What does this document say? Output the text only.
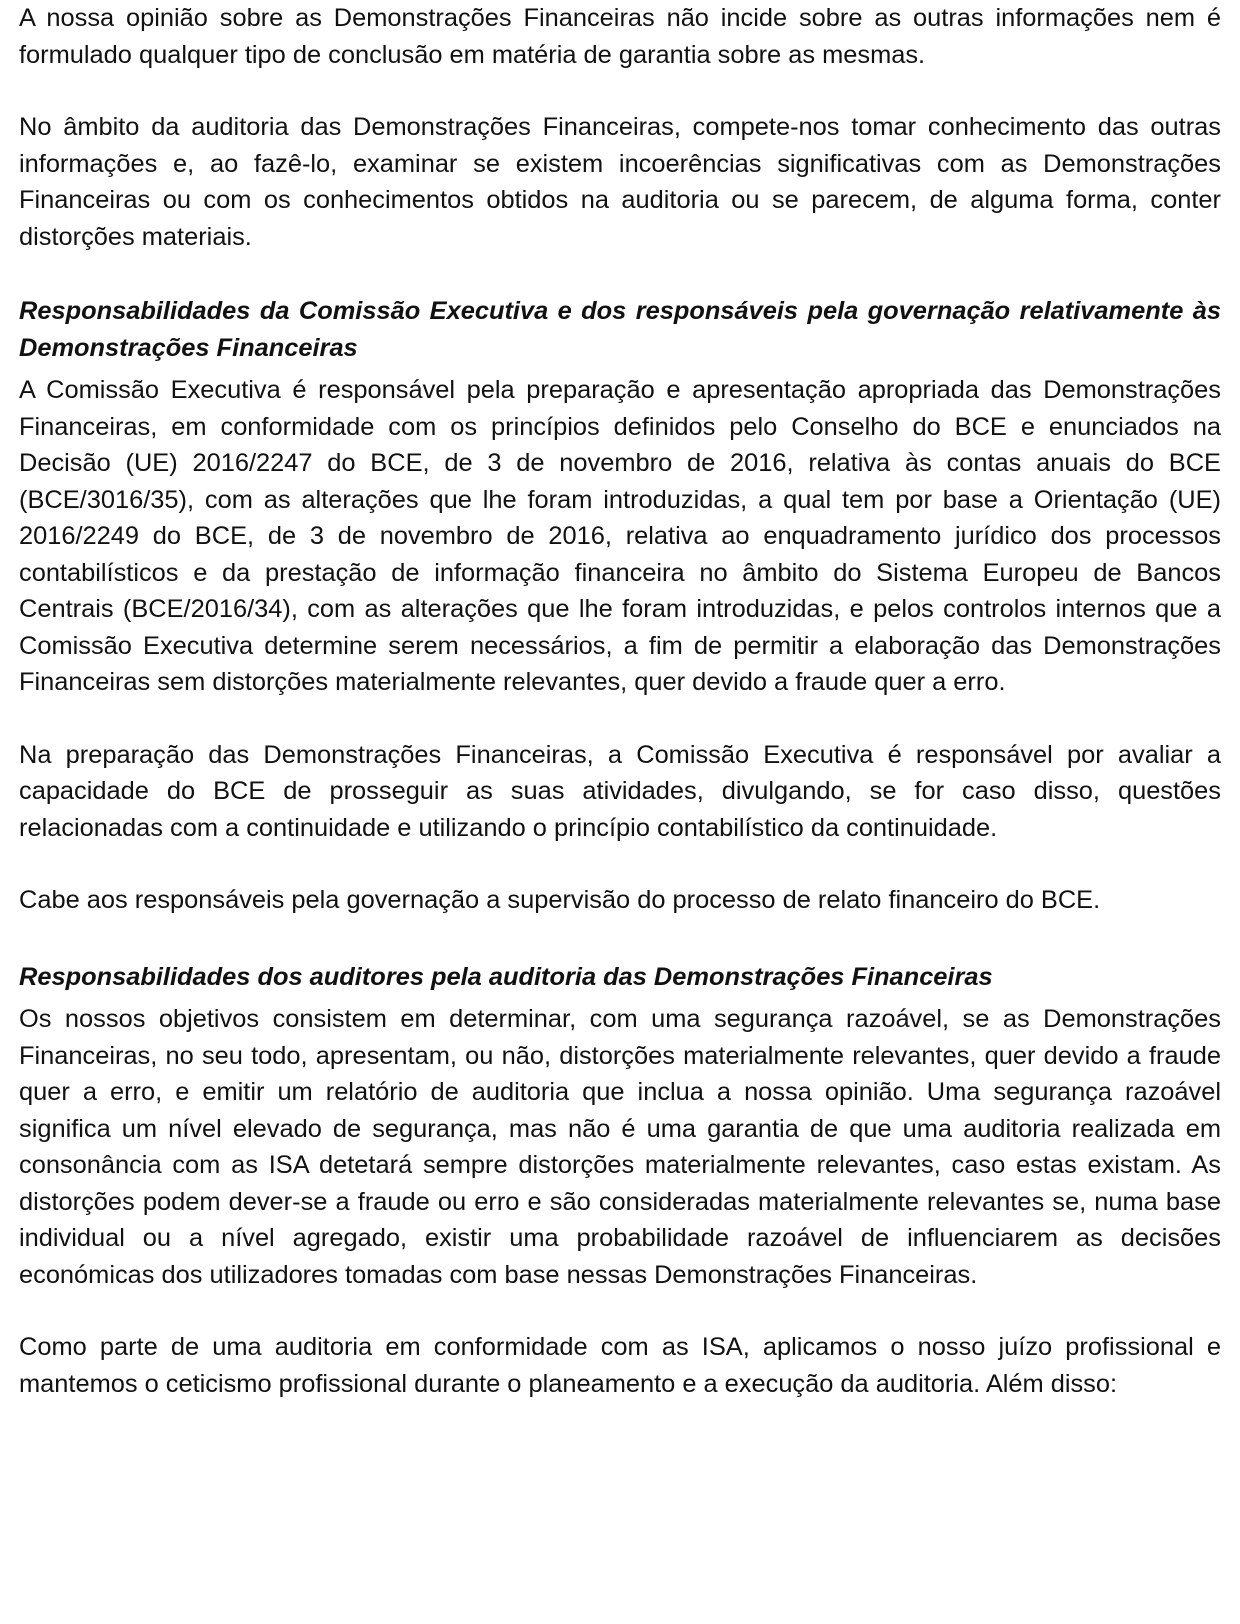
A nossa opinião sobre as Demonstrações Financeiras não incide sobre as outras informações nem é formulado qualquer tipo de conclusão em matéria de garantia sobre as mesmas.

No âmbito da auditoria das Demonstrações Financeiras, compete-nos tomar conhecimento das outras informações e, ao fazê-lo, examinar se existem incoerências significativas com as Demonstrações Financeiras ou com os conhecimentos obtidos na auditoria ou se parecem, de alguma forma, conter distorções materiais.

Responsabilidades da Comissão Executiva e dos responsáveis pela governação relativamente às Demonstrações Financeiras

A Comissão Executiva é responsável pela preparação e apresentação apropriada das Demonstrações Financeiras, em conformidade com os princípios definidos pelo Conselho do BCE e enunciados na Decisão (UE) 2016/2247 do BCE, de 3 de novembro de 2016, relativa às contas anuais do BCE (BCE/3016/35), com as alterações que lhe foram introduzidas, a qual tem por base a Orientação (UE) 2016/2249 do BCE, de 3 de novembro de 2016, relativa ao enquadramento jurídico dos processos contabilísticos e da prestação de informação financeira no âmbito do Sistema Europeu de Bancos Centrais (BCE/2016/34), com as alterações que lhe foram introduzidas, e pelos controlos internos que a Comissão Executiva determine serem necessários, a fim de permitir a elaboração das Demonstrações Financeiras sem distorções materialmente relevantes, quer devido a fraude quer a erro.

Na preparação das Demonstrações Financeiras, a Comissão Executiva é responsável por avaliar a capacidade do BCE de prosseguir as suas atividades, divulgando, se for caso disso, questões relacionadas com a continuidade e utilizando o princípio contabilístico da continuidade.

Cabe aos responsáveis pela governação a supervisão do processo de relato financeiro do BCE.

Responsabilidades dos auditores pela auditoria das Demonstrações Financeiras

Os nossos objetivos consistem em determinar, com uma segurança razoável, se as Demonstrações Financeiras, no seu todo, apresentam, ou não, distorções materialmente relevantes, quer devido a fraude quer a erro, e emitir um relatório de auditoria que inclua a nossa opinião. Uma segurança razoável significa um nível elevado de segurança, mas não é uma garantia de que uma auditoria realizada em consonância com as ISA detetará sempre distorções materialmente relevantes, caso estas existam. As distorções podem dever-se a fraude ou erro e são consideradas materialmente relevantes se, numa base individual ou a nível agregado, existir uma probabilidade razoável de influenciarem as decisões económicas dos utilizadores tomadas com base nessas Demonstrações Financeiras.

Como parte de uma auditoria em conformidade com as ISA, aplicamos o nosso juízo profissional e mantemos o ceticismo profissional durante o planeamento e a execução da auditoria. Além disso:
